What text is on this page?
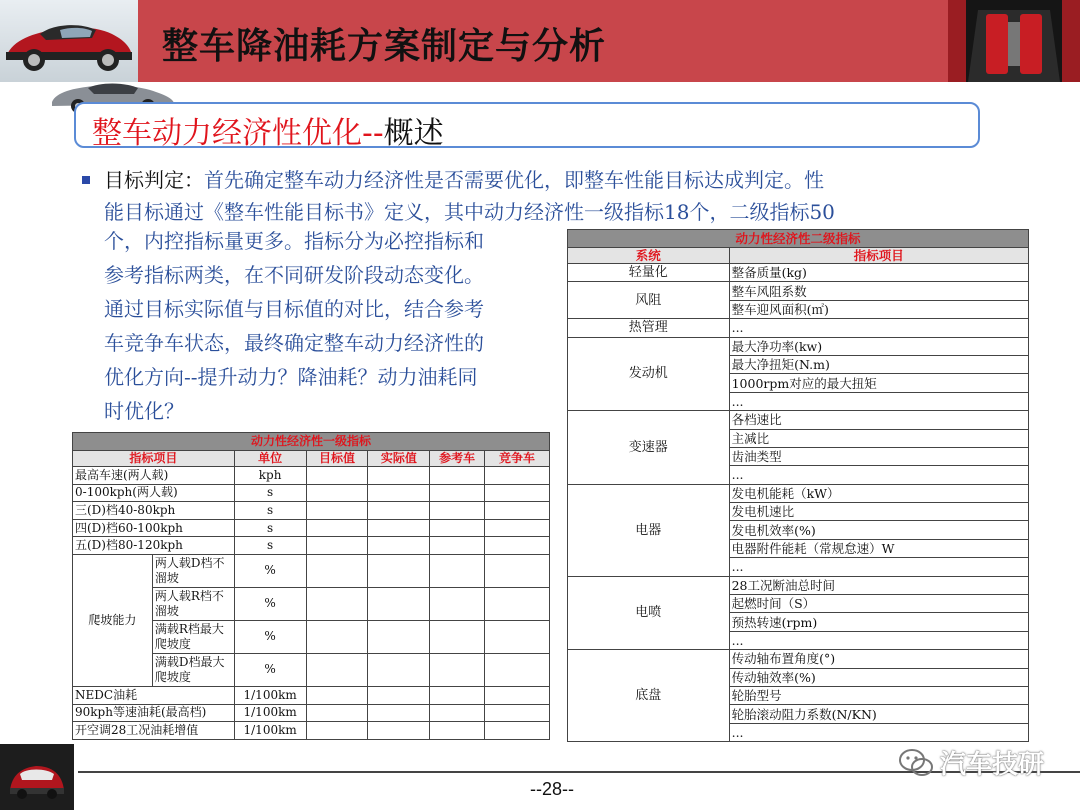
整车降油耗方案制定与分析
整车动力经济性优化--概述
目标判定：首先确定整车动力经济性是否需要优化，即整车性能目标达成判定。性
能目标通过《整车性能目标书》定义，其中动力经济性一级指标18个，二级指标50
个，内控指标量更多。指标分为必控指标和
参考指标两类，在不同研发阶段动态变化。
通过目标实际值与目标值的对比，结合参考
车竞争车状态，最终确定整车动力经济性的
优化方向--提升动力？降油耗？动力油耗同
时优化？
动力性经济性一级指标						
指标项目		单位	目标值	实际值	参考车	竞争车
最高车速(两人载)		kph				
0-100kph(两人载)		s				
三(D)档40-80kph		s				
四(D)档60-100kph		s				
五(D)档80-120kph		s				
爬坡能力	两人载D档不溜坡	%				
	两人载R档不溜坡	%				
	满载R档最大爬坡度	%				
	满载D档最大爬坡度	%				
NEDC油耗		1/100km				
90kph等速油耗(最高档)		1/100km				
开空调28工况油耗增值		1/100km				
动力性经济性二级指标	
系统	指标项目
轻量化	整备质量(kg)
风阻	整车风阻系数
	整车迎风面积(㎡)
热管理	...
发动机	最大净功率(kw)
	最大净扭矩(N.m)
	1000rpm对应的最大扭矩
	...
变速器	各档速比
	主减比
	齿油类型
	...
电器	发电机能耗（kW）
	发电机速比
	发电机效率(%)
	电器附件能耗（常规怠速）W
	...
电喷	28工况断油总时间
	起燃时间（S）
	预热转速(rpm)
	...
底盘	传动轴布置角度(°)
	传动轴效率(%)
	轮胎型号
	轮胎滚动阻力系数(N/KN)
	...
--28--
汽车技研
